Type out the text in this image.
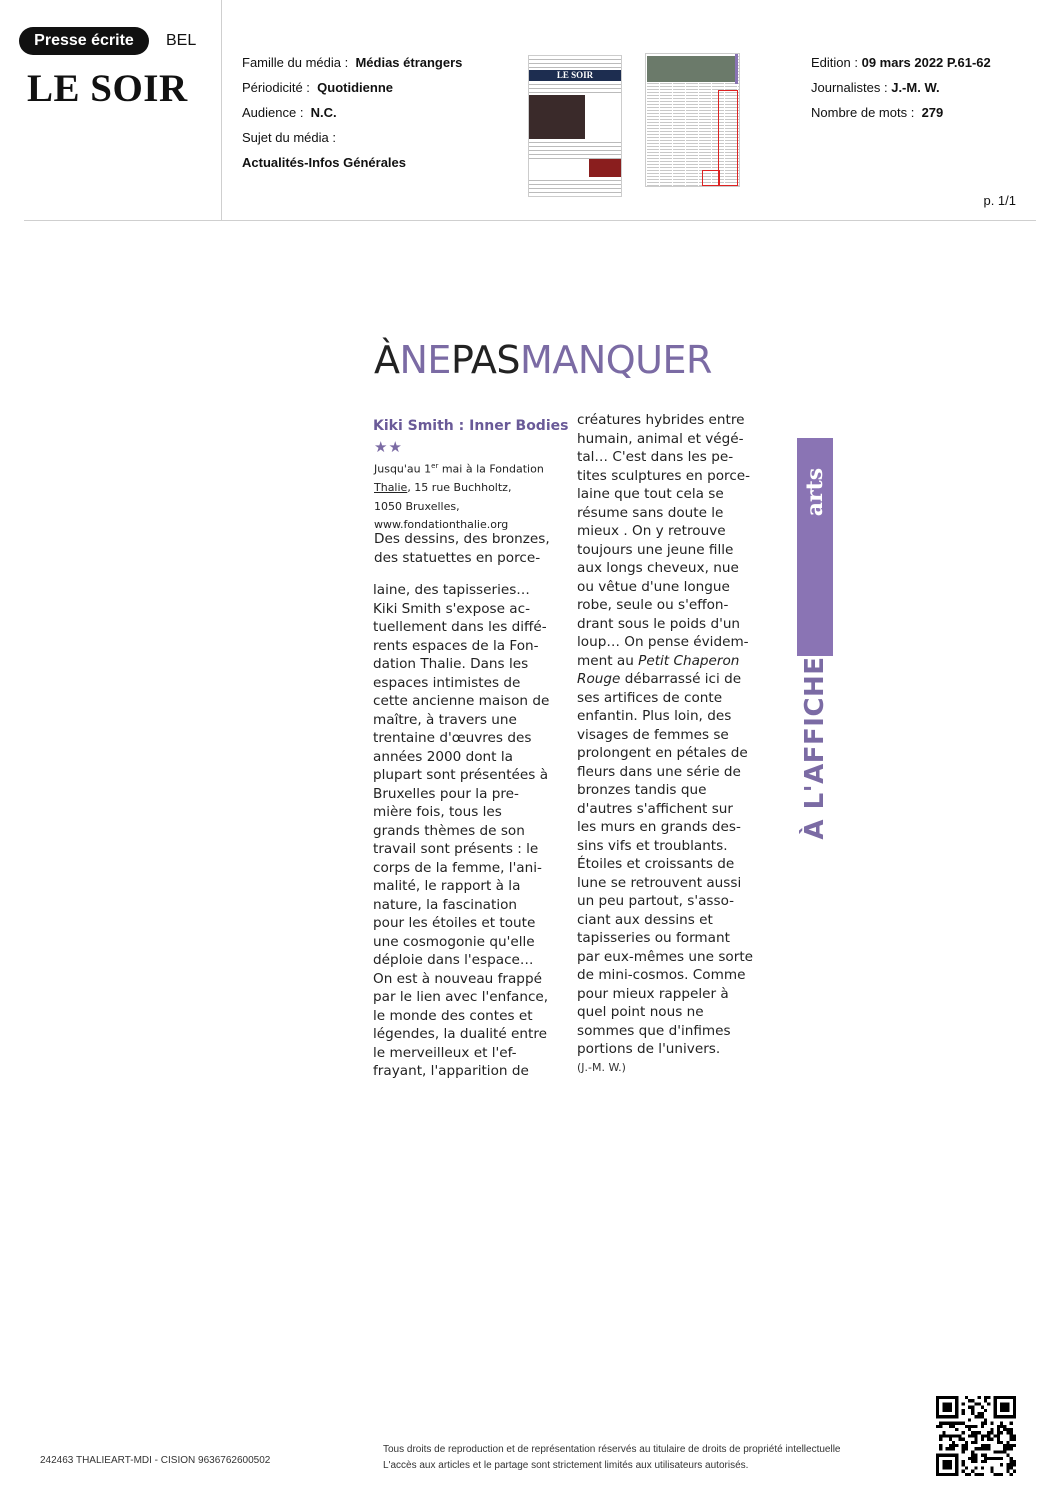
Presse écrite	BEL
LE SOIR
Famille du média : Médias étrangers
Périodicité : Quotidienne
Audience : N.C.
Sujet du média :
Actualités-Infos Générales
LE SOIR
Edition : 09 mars 2022 P.61-62
Journalistes : J.-M. W.
Nombre de mots : 279
p. 1/1
ÀNEPASMANQUER
Kiki Smith : Inner Bodies
★★
Jusqu'au 1er mai à la Fondation
Thalie, 15 rue Buchholtz,
1050 Bruxelles,
www.fondationthalie.org
Des dessins, des bronzes,
des statuettes en porce-
laine, des tapisseries…
Kiki Smith s'expose ac-
tuellement dans les diffé-
rents espaces de la Fon-
dation Thalie. Dans les
espaces intimistes de
cette ancienne maison de
maître, à travers une
trentaine d'œuvres des
années 2000 dont la
plupart sont présentées à
Bruxelles pour la pre-
mière fois, tous les
grands thèmes de son
travail sont présents : le
corps de la femme, l'ani-
malité, le rapport à la
nature, la fascination
pour les étoiles et toute
une cosmogonie qu'elle
déploie dans l'espace…
On est à nouveau frappé
par le lien avec l'enfance,
le monde des contes et
légendes, la dualité entre
le merveilleux et l'ef-
frayant, l'apparition de
créatures hybrides entre
humain, animal et végé-
tal… C'est dans les pe-
tites sculptures en porce-
laine que tout cela se
résume sans doute le
mieux . On y retrouve
toujours une jeune fille
aux longs cheveux, nue
ou vêtue d'une longue
robe, seule ou s'effon-
drant sous le poids d'un
loup… On pense évidem-
ment au Petit Chaperon
Rouge débarrassé ici de
ses artifices de conte
enfantin. Plus loin, des
visages de femmes se
prolongent en pétales de
fleurs dans une série de
bronzes tandis que
d'autres s'affichent sur
les murs en grands des-
sins vifs et troublants.
Étoiles et croissants de
lune se retrouvent aussi
un peu partout, s'asso-
ciant aux dessins et
tapisseries ou formant
par eux-mêmes une sorte
de mini-cosmos. Comme
pour mieux rappeler à
quel point nous ne
sommes que d'infimes
portions de l'univers.
(J.-M. W.)
arts
À L'AFFICHE
242463 THALIEART-MDI - CISION 9636762600502
Tous droits de reproduction et de représentation réservés au titulaire de droits de propriété intellectuelle
L'accès aux articles et le partage sont strictement limités aux utilisateurs autorisés.
